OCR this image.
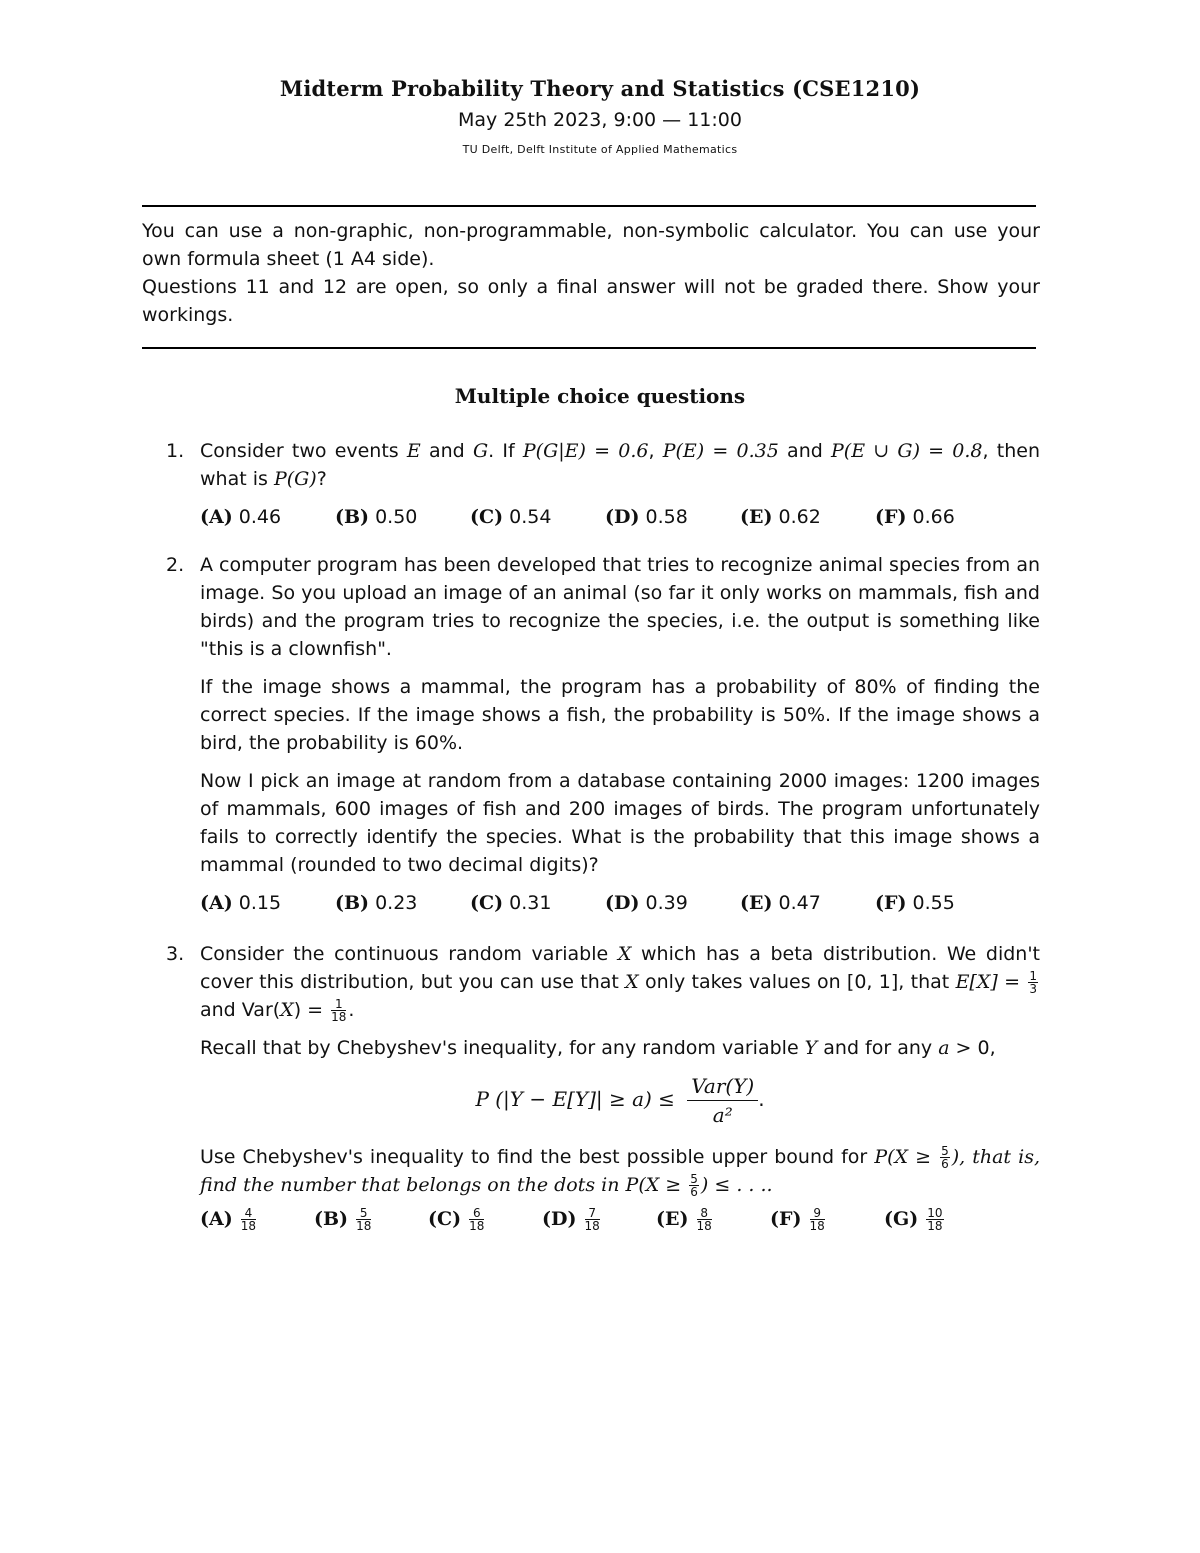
Midterm Probability Theory and Statistics (CSE1210)
May 25th 2023, 9:00 — 11:00
TU Delft, Delft Institute of Applied Mathematics

You can use a non-graphic, non-programmable, non-symbolic calculator. You can use your own formula sheet (1 A4 side).

Questions 11 and 12 are open, so only a final answer will not be graded there. Show your workings.

Multiple choice questions
1. Consider two events E and G. If P(G|E) = 0.6, P(E) = 0.35 and P(E ∪ G) = 0.8, then what is P(G)?

(A) 0.46	(B) 0.50	(C) 0.54	(D) 0.58	(E) 0.62	(F) 0.66
2. A computer program has been developed that tries to recognize animal species from an image. So you upload an image of an animal (so far it only works on mammals, fish and birds) and the program tries to recognize the species, i.e. the output is something like "this is a clownfish".

If the image shows a mammal, the program has a probability of 80% of finding the correct species. If the image shows a fish, the probability is 50%. If the image shows a bird, the probability is 60%.

Now I pick an image at random from a database containing 2000 images: 1200 images of mammals, 600 images of fish and 200 images of birds. The program unfortunately fails to correctly identify the species. What is the probability that this image shows a mammal (rounded to two decimal digits)?

(A) 0.15	(B) 0.23	(C) 0.31	(D) 0.39	(E) 0.47	(F) 0.55
3. Consider the continuous random variable X which has a beta distribution. We didn't cover this distribution, but you can use that X only takes values on [0, 1], that $E[X] = \frac{1}{3}$
and $Var(X) = \frac{1}{18}$ .

Recall that by Chebyshev's inequality, for any random variable Y and for any a > 0,

P $(|Y - E[Y]| \ge a) \le \frac{\text{Var(Y)}}{\text{a²}}$ .

Use Chebyshev's inequality to find the best possible upper bound for $P(X \ge \frac{5}{6}$ ), that is, find the number that belongs on the dots in $P(X \ge \frac{5}{6}$ ) ≤ . . ..

$(A) \frac{4}{18}$	$(B) \frac{5}{18}$	$(C) \frac{6}{18}$	$(D) \frac{7}{18}$	$(E) \frac{8}{18}$	$(F) \frac{9}{18}$	$(G) \frac{10}{18}$
